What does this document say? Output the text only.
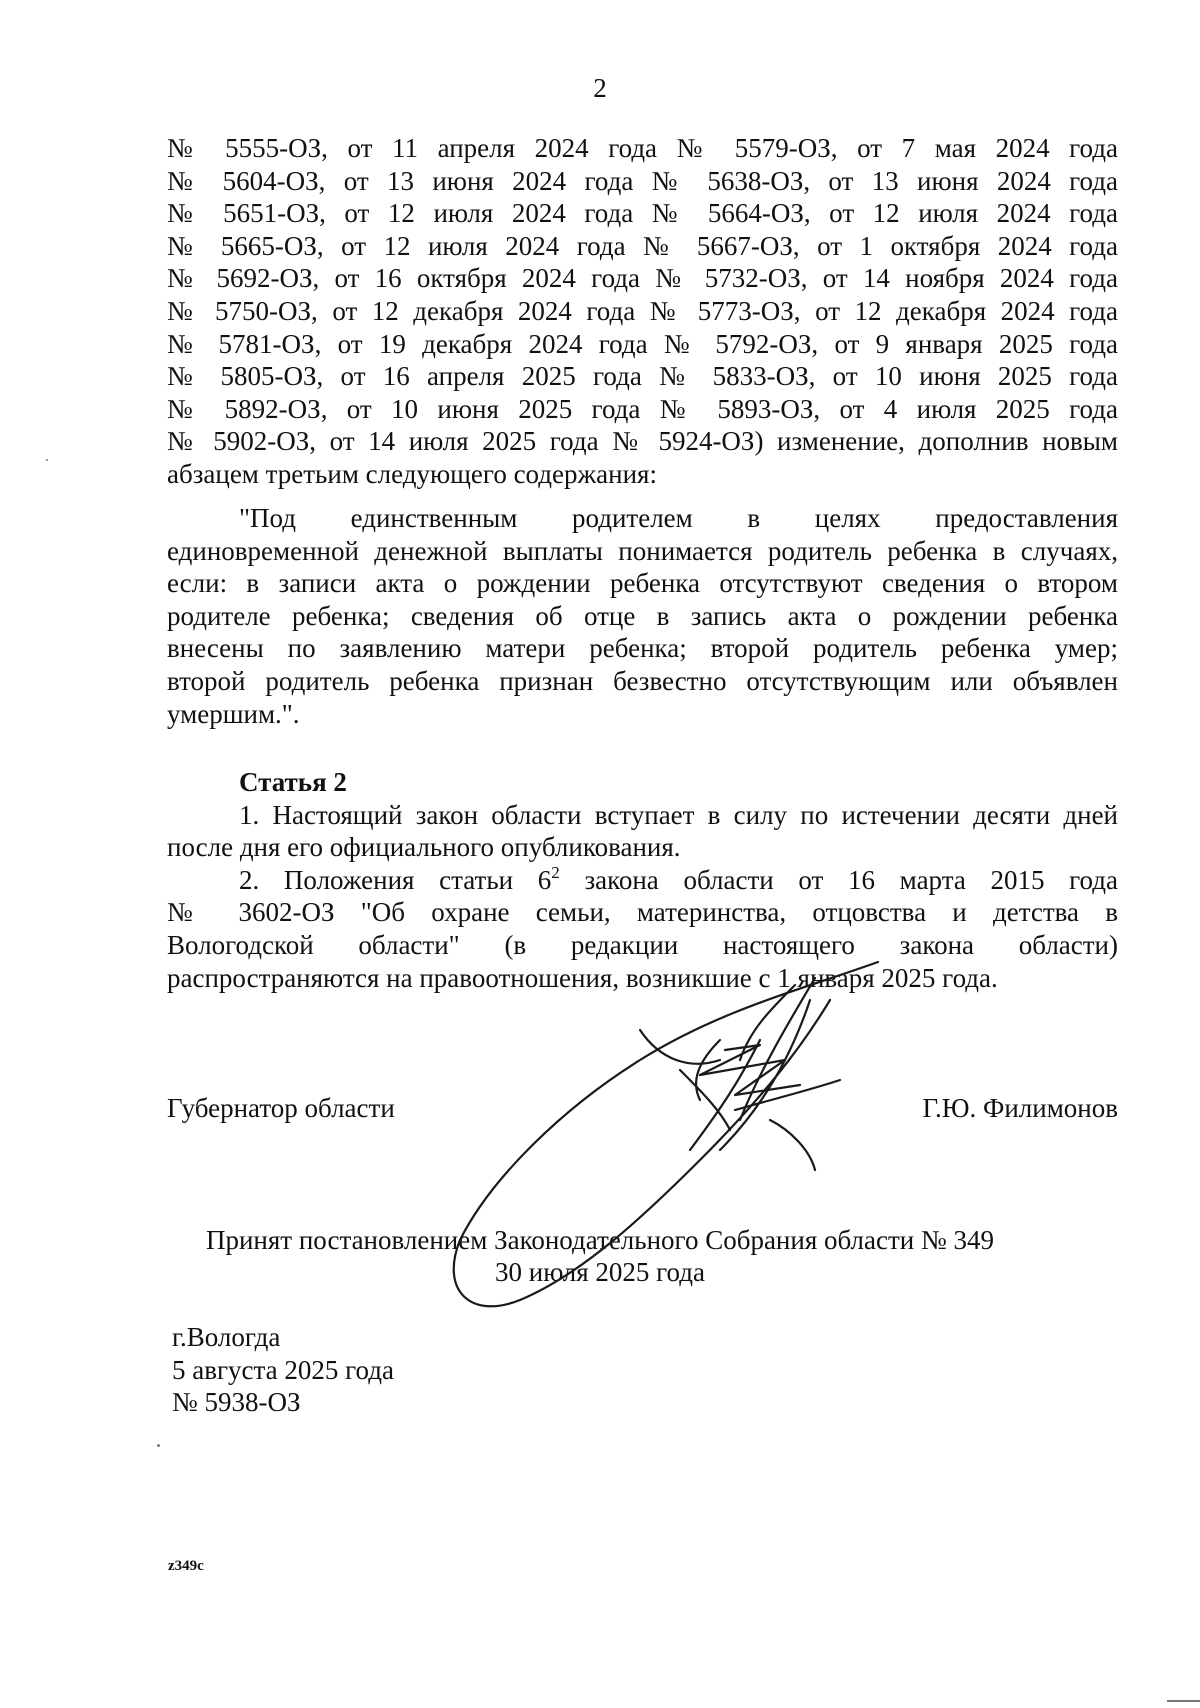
2
№ 5555-ОЗ, от 11 апреля 2024 года № 5579-ОЗ, от 7 мая 2024 года
№ 5604-ОЗ, от 13 июня 2024 года № 5638-ОЗ, от 13 июня 2024 года
№ 5651-ОЗ, от 12 июля 2024 года № 5664-ОЗ, от 12 июля 2024 года
№ 5665-ОЗ, от 12 июля 2024 года № 5667-ОЗ, от 1 октября 2024 года
№ 5692-ОЗ, от 16 октября 2024 года № 5732-ОЗ, от 14 ноября 2024 года
№ 5750-ОЗ, от 12 декабря 2024 года № 5773-ОЗ, от 12 декабря 2024 года
№ 5781-ОЗ, от 19 декабря 2024 года № 5792-ОЗ, от 9 января 2025 года
№ 5805-ОЗ, от 16 апреля 2025 года № 5833-ОЗ, от 10 июня 2025 года
№ 5892-ОЗ, от 10 июня 2025 года № 5893-ОЗ, от 4 июля 2025 года
№ 5902-ОЗ, от 14 июля 2025 года № 5924-ОЗ) изменение, дополнив новым
абзацем третьим следующего содержания:
"Под единственным родителем в целях предоставления
единовременной денежной выплаты понимается родитель ребенка в случаях,
если: в записи акта о рождении ребенка отсутствуют сведения о втором
родителе ребенка; сведения об отце в запись акта о рождении ребенка
внесены по заявлению матери ребенка; второй родитель ребенка умер;
второй родитель ребенка признан безвестно отсутствующим или объявлен
умершим.".
Статья 2
1. Настоящий закон области вступает в силу по истечении десяти дней
после дня его официального опубликования.
2. Положения статьи $6^2$ закона области от 16 марта 2015 года
№ 3602-ОЗ "Об охране семьи, материнства, отцовства и детства в
Вологодской области" (в редакции настоящего закона области)
распространяются на правоотношения, возникшие с 1 января 2025 года.
Губернатор области	Г.Ю. Филимонов
Принят постановлением Законодательного Собрания области № 349
30 июля 2025 года
г.Вологда
5 августа 2025 года
№ 5938-ОЗ
z349c
